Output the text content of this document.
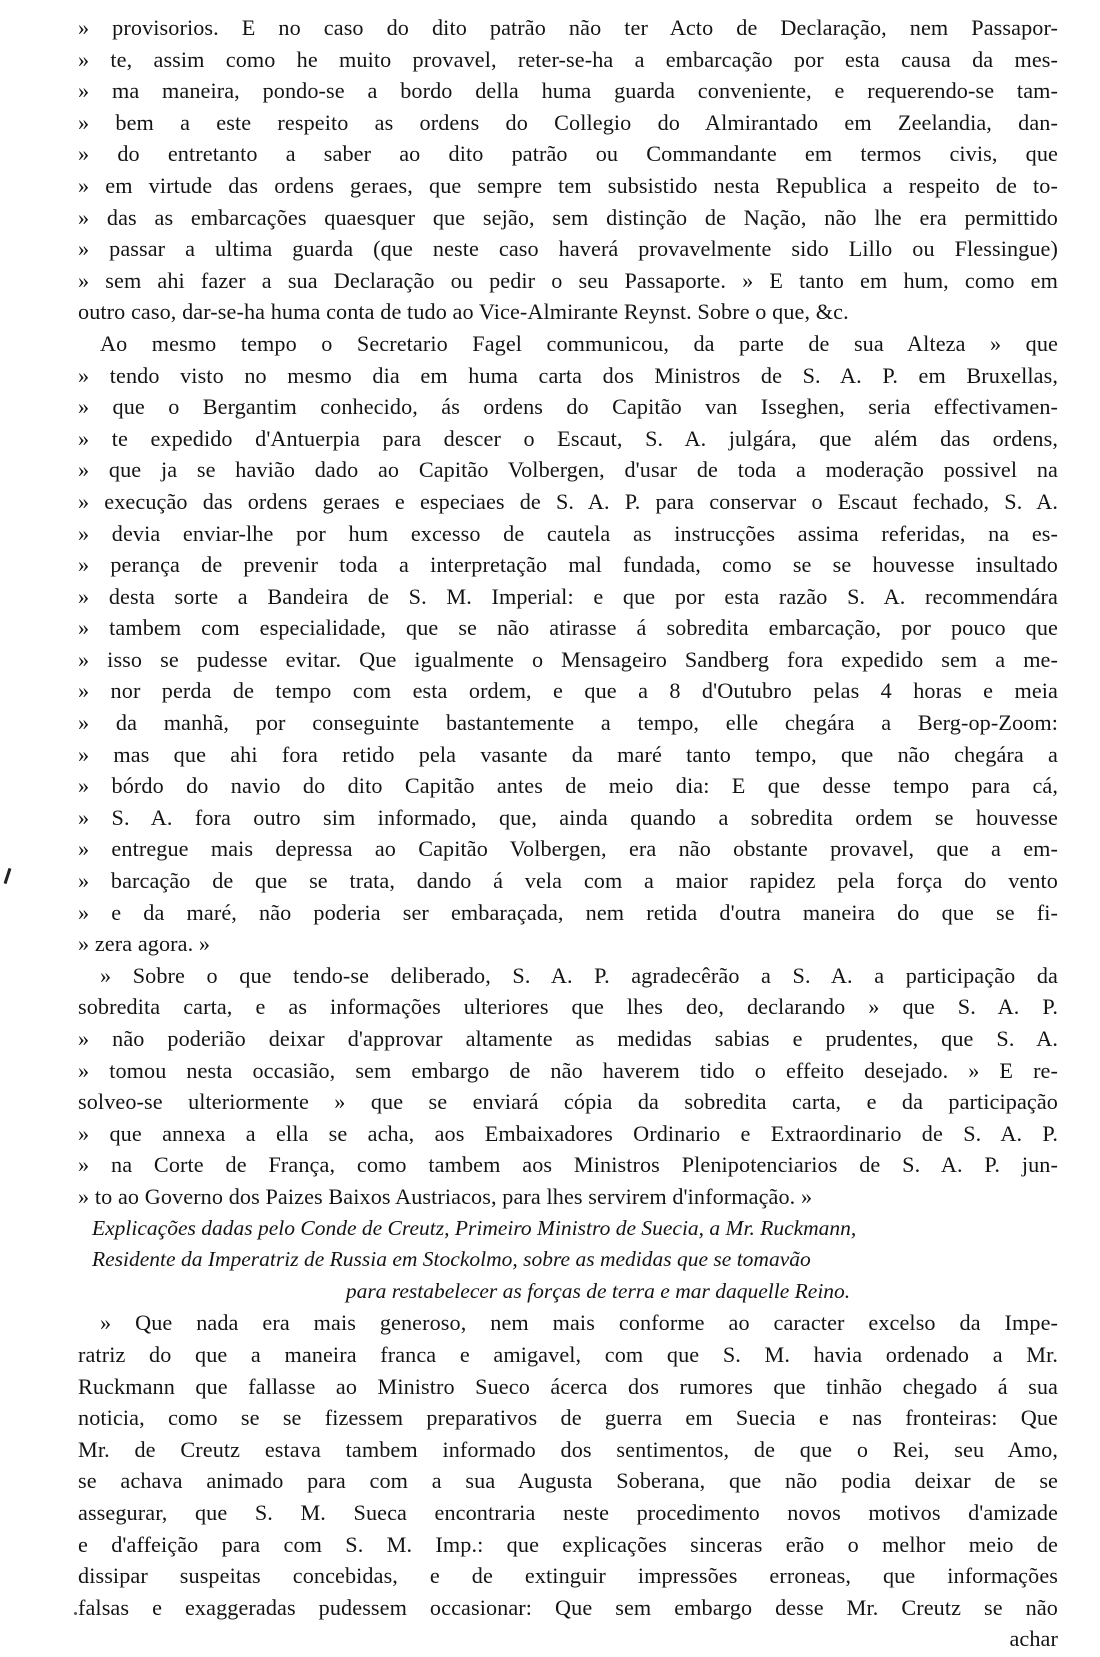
» provisorios. E no caso do dito patrão não ter Acto de Declaração, nem Passapor-
» te, assim como he muito provavel, reter-se-ha a embarcação por esta causa da mes-
» ma maneira, pondo-se a bordo della huma guarda conveniente, e requerendo-se tam-
» bem a este respeito as ordens do Collegio do Almirantado em Zeelandia, dan-
» do entretanto a saber ao dito patrão ou Commandante em termos civis, que
» em virtude das ordens geraes, que sempre tem subsistido nesta Republica a respeito de to-
» das as embarcações quaesquer que sejão, sem distinção de Nação, não lhe era permittido
» passar a ultima guarda (que neste caso haverá provavelmente sido Lillo ou Flessingue)
» sem ahi fazer a sua Declaração ou pedir o seu Passaporte. » E tanto em hum, como em
outro caso, dar-se-ha huma conta de tudo ao Vice-Almirante Reynst. Sobre o que, &c.
Ao mesmo tempo o Secretario Fagel communicou, da parte de sua Alteza » que
» tendo visto no mesmo dia em huma carta dos Ministros de S. A. P. em Bruxellas,
» que o Bergantim conhecido, ás ordens do Capitão van Isseghen, seria effectivamen-
» te expedido d'Antuerpia para descer o Escaut, S. A. julgára, que além das ordens,
» que ja se havião dado ao Capitão Volbergen, d'usar de toda a moderação possivel na
» execução das ordens geraes e especiaes de S. A. P. para conservar o Escaut fechado, S. A.
» devia enviar-lhe por hum excesso de cautela as instrucções assima referidas, na es-
» perança de prevenir toda a interpretação mal fundada, como se se houvesse insultado
» desta sorte a Bandeira de S. M. Imperial: e que por esta razão S. A. recommendára
» tambem com especialidade, que se não atirasse á sobredita embarcação, por pouco que
» isso se pudesse evitar. Que igualmente o Mensageiro Sandberg fora expedido sem a me-
» nor perda de tempo com esta ordem, e que a 8 d'Outubro pelas 4 horas e meia
» da manhã, por conseguinte bastantemente a tempo, elle chegára a Berg-op-Zoom:
» mas que ahi fora retido pela vasante da maré tanto tempo, que não chegára a
» bórdo do navio do dito Capitão antes de meio dia: E que desse tempo para cá,
» S. A. fora outro sim informado, que, ainda quando a sobredita ordem se houvesse
» entregue mais depressa ao Capitão Volbergen, era não obstante provavel, que a em-
» barcação de que se trata, dando á vela com a maior rapidez pela força do vento
» e da maré, não poderia ser embaraçada, nem retida d'outra maneira do que se fi-
» zera agora. »
» Sobre o que tendo-se deliberado, S. A. P. agradecêrão a S. A. a participação da
sobredita carta, e as informações ulteriores que lhes deo, declarando » que S. A. P.
» não poderião deixar d'approvar altamente as medidas sabias e prudentes, que S. A.
» tomou nesta occasião, sem embargo de não haverem tido o effeito desejado. » E re-
solveo-se ulteriormente » que se enviará cópia da sobredita carta, e da participação
» que annexa a ella se acha, aos Embaixadores Ordinario e Extraordinario de S. A. P.
» na Corte de França, como tambem aos Ministros Plenipotenciarios de S. A. P. jun-
» to ao Governo dos Paizes Baixos Austriacos, para lhes servirem d'informação. »
Explicações dadas pelo Conde de Creutz, Primeiro Ministro de Suecia, a Mr. Ruckmann,
Residente da Imperatriz de Russia em Stockolmo, sobre as medidas que se tomavão
para restabelecer as forças de terra e mar daquelle Reino.
» Que nada era mais generoso, nem mais conforme ao caracter excelso da Impe-
ratriz do que a maneira franca e amigavel, com que S. M. havia ordenado a Mr.
Ruckmann que fallasse ao Ministro Sueco ácerca dos rumores que tinhão chegado á sua
noticia, como se se fizessem preparativos de guerra em Suecia e nas fronteiras: Que
Mr. de Creutz estava tambem informado dos sentimentos, de que o Rei, seu Amo,
se achava animado para com a sua Augusta Soberana, que não podia deixar de se
assegurar, que S. M. Sueca encontraria neste procedimento novos motivos d'amizade
e d'affeição para com S. M. Imp.: que explicações sinceras erão o melhor meio de
dissipar suspeitas concebidas, e de extinguir impressões erroneas, que informações
falsas e exaggeradas pudessem occasionar: Que sem embargo desse Mr. Creutz se não
achar
